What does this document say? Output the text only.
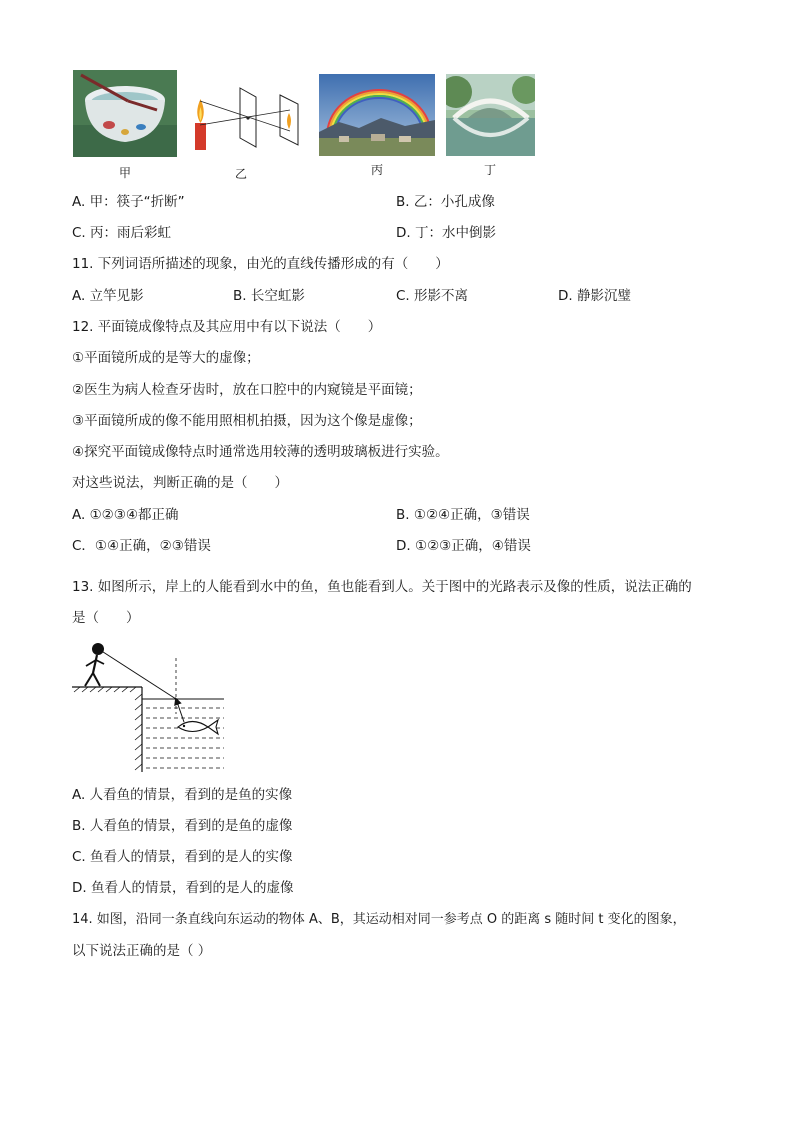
甲	乙	丙	丁
A. 甲：筷子“折断”	B. 乙：小孔成像
C. 丙：雨后彩虹	D. 丁：水中倒影
11. 下列词语所描述的现象，由光的直线传播形成的有（　　）
A. 立竿见影	B. 长空虹影	C. 形影不离	D. 静影沉璧
12. 平面镜成像特点及其应用中有以下说法（　　）
①平面镜所成的是等大的虚像；
②医生为病人检查牙齿时，放在口腔中的内窥镜是平面镜；
③平面镜所成的像不能用照相机拍摄，因为这个像是虚像；
④探究平面镜成像特点时通常选用较薄的透明玻璃板进行实验。
对这些说法，判断正确的是（　　）
A. ①②③④都正确	B. ①②④正确，③错误
C．①④正确，②③错误	D. ①②③正确，④错误
13. 如图所示，岸上的人能看到水中的鱼，鱼也能看到人。关于图中的光路表示及像的性质，说法正确的
是（　　）
A. 人看鱼的情景，看到的是鱼的实像
B. 人看鱼的情景，看到的是鱼的虚像
C. 鱼看人的情景，看到的是人的实像
D. 鱼看人的情景，看到的是人的虚像
14. 如图，沿同一条直线向东运动的物体 A、B，其运动相对同一参考点 O 的距离 s 随时间 t 变化的图象，
以下说法正确的是（ ）
